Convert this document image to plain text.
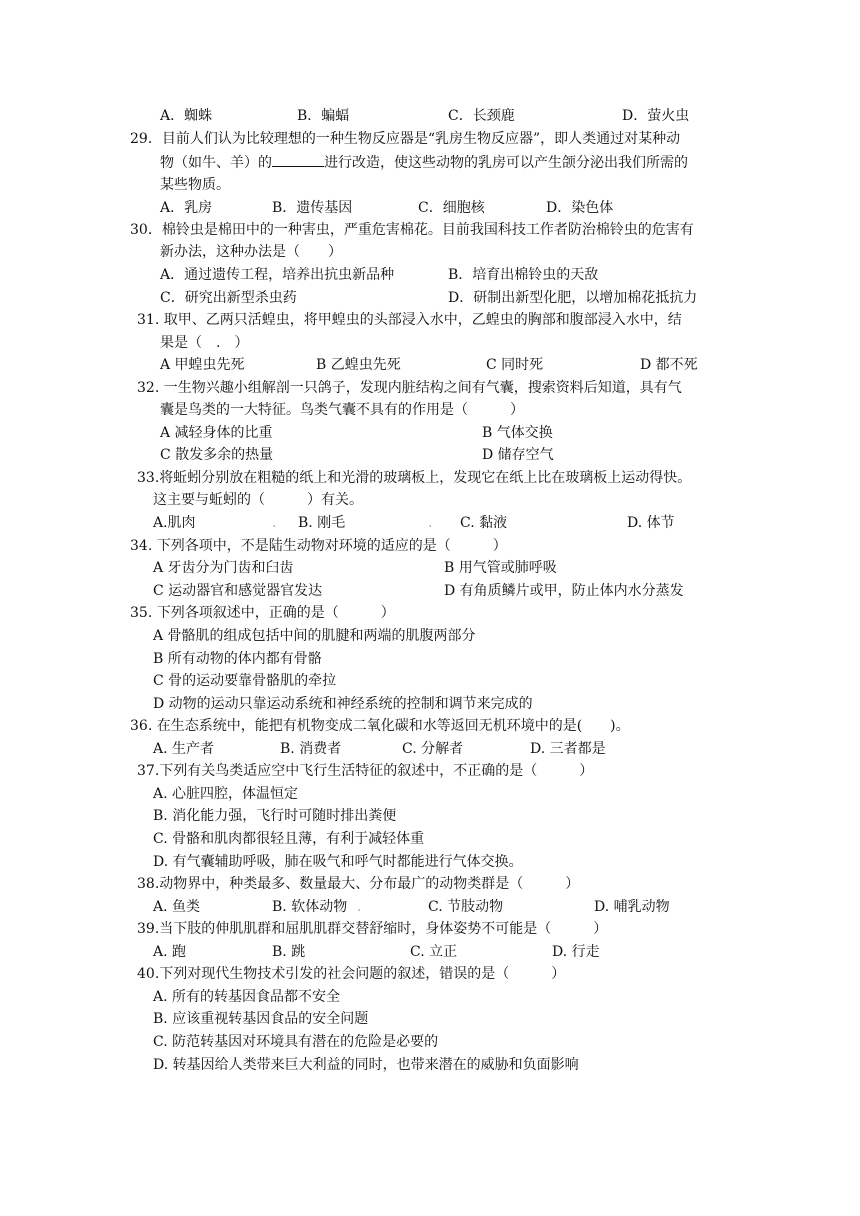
A．蜘蛛	B．蝙蝠	C．长颈鹿	D．萤火虫
29．目前人们认为比较理想的一种生物反应器是“乳房生物反应器”，即人类通过对某种动
物（如牛、羊）的	进行改造，使这些动物的乳房可以产生颌分泌出我们所需的
某些物质。
A．乳房	B．遗传基因	C．细胞核	D．染色体
30．棉铃虫是棉田中的一种害虫，严重危害棉花。目前我国科技工作者防治棉铃虫的危害有
新办法，这种办法是（　　）
A．通过遗传工程，培养出抗虫新品种	B．培育出棉铃虫的天敌
C．研究出新型杀虫药	D．研制出新型化肥，以增加棉花抵抗力
31. 取甲、乙两只活蝗虫，将甲蝗虫的头部浸入水中，乙蝗虫的胸部和腹部浸入水中，结
果是（　.　）
A 甲蝗虫先死	B 乙蝗虫先死	C 同时死	D 都不死
32. 一生物兴趣小组解剖一只鸽子，发现内脏结构之间有气囊，搜索资料后知道，具有气
囊是鸟类的一大特征。鸟类气囊不具有的作用是（　　　）
A 减轻身体的比重	B 气体交换
C 散发多余的热量	D 储存空气
33.将蚯蚓分别放在粗糙的纸上和光滑的玻璃板上，发现它在纸上比在玻璃板上运动得快。
这主要与蚯蚓的（　　　）有关。
A.肌肉	. B. 刚毛	. C. 黏液	D. 体节
34. 下列各项中，不是陆生动物对环境的适应的是（　　　）
A 牙齿分为门齿和臼齿	B 用气管或肺呼吸
C 运动器官和感觉器官发达	D 有角质鳞片或甲，防止体内水分蒸发
35. 下列各项叙述中，正确的是（　　　）
A 骨骼肌的组成包括中间的肌腱和两端的肌腹两部分
B 所有动物的体内都有骨骼
C 骨的运动要靠骨骼肌的牵拉
D 动物的运动只靠运动系统和神经系统的控制和调节来完成的
36. 在生态系统中，能把有机物变成二氧化碳和水等返回无机环境中的是(　　)。
A. 生产者	B. 消费者	C. 分解者	D. 三者都是
37.下列有关鸟类适应空中飞行生活特征的叙述中，不正确的是（　　　）
A. 心脏四腔，体温恒定
B. 消化能力强，飞行时可随时排出粪便
C. 骨骼和肌肉都很轻且薄，有利于减轻体重
D. 有气囊辅助呼吸，肺在吸气和呼气时都能进行气体交换。
38.动物界中，种类最多、数量最大、分布最广的动物类群是（　　　）
A. 鱼类	B. 软体动物 .	C. 节肢动物	D. 哺乳动物
39.当下肢的伸肌肌群和屈肌肌群交替舒缩时，身体姿势不可能是（　　　）
A. 跑	B. 跳	C. 立正	D. 行走
40.下列对现代生物技术引发的社会问题的叙述，错误的是（　　　）
A. 所有的转基因食品都不安全
B. 应该重视转基因食品的安全问题
C. 防范转基因对环境具有潜在的危险是必要的
D. 转基因给人类带来巨大利益的同时，也带来潜在的威胁和负面影响
